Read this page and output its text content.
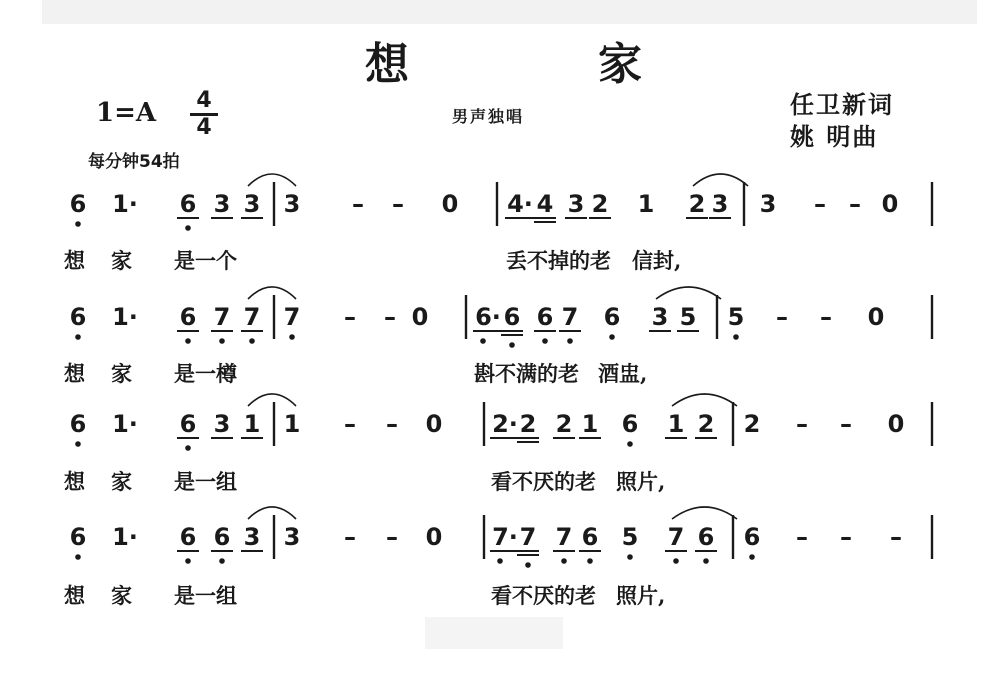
想	家
1=A 4
4
每分钟54拍
男声独唱	任卫新词
姚 明曲
6 1· 6 3 3 3 – – 0 4· 4 3 2 1 2 3 3 – – 0
6 1· 6 7 7 7 – – 0 6· 6 6 7 6 3 5 5 – – 0
6 1· 6 3 1 1 – – 0 2· 2 2 1 6 1 2 2 – – 0
6 1· 6 6 3 3 – – 0 7· 7 7 6 5 7 6 6 – – –
想 家 是一个	丢不掉的老 信封,
想 家 是一樽	斟不满的老 酒盅,
想 家 是一组	看不厌的老 照片,
想 家 是一组	看不厌的老 照片,
